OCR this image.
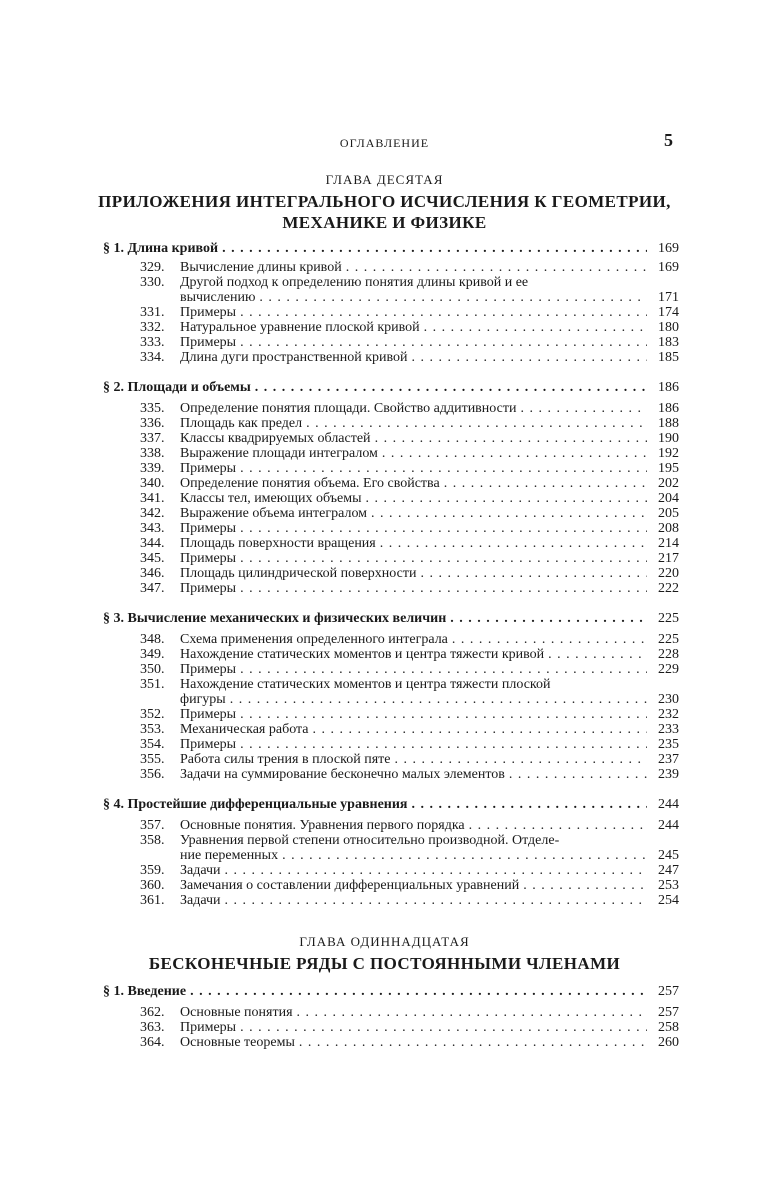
ОГЛАВЛЕНИЕ	5
ГЛАВА ДЕСЯТАЯ
ПРИЛОЖЕНИЯ ИНТЕГРАЛЬНОГО ИСЧИСЛЕНИЯ К ГЕОМЕТРИИ,
МЕХАНИКЕ И ФИЗИКЕ
§ 1. Длина кривой . . .	169
329. Вычисление длины кривой . . .	169
330.	Другой подход к определению понятия длины кривой и ее
вычислению . . .	171
331. Примеры . . .	174
332. Натуральное уравнение плоской кривой . . .	180
333. Примеры . . .	183
334. Длина дуги пространственной кривой . . .	185
§ 2. Площади и объемы . . .	186
335. Определение понятия площади. Свойство аддитивности . . .	186
336. Площадь как предел . . .	188
337. Классы квадрируемых областей . . .	190
338. Выражение площади интегралом . . .	192
339. Примеры . . .	195
340. Определение понятия объема. Его свойства . . .	202
341. Классы тел, имеющих объемы . . .	204
342. Выражение объема интегралом . . .	205
343. Примеры . . .	208
344. Площадь поверхности вращения . . .	214
345. Примеры . . .	217
346. Площадь цилиндрической поверхности . . .	220
347. Примеры . . .	222
§ 3. Вычисление механических и физических величин . . .	225
348. Схема применения определенного интеграла . . .	225
349. Нахождение статических моментов и центра тяжести кривой . . .	228
350. Примеры . . .	229
351. Нахождение статических моментов и центра тяжести плоской
фигуры . . .	230
352. Примеры . . .	232
353. Механическая работа . . .	233
354. Примеры . . .	235
355. Работа силы трения в плоской пяте . . .	237
356. Задачи на суммирование бесконечно малых элементов . . .	239
§ 4. Простейшие дифференциальные уравнения . . .	244
357. Основные понятия. Уравнения первого порядка . . .	244
358. Уравнения первой степени относительно производной. Отделе-
ние переменных . . .	245
359. Задачи . . .	247
360. Замечания о составлении дифференциальных уравнений . . .	253
361. Задачи . . .	254
ГЛАВА ОДИННАДЦАТАЯ
БЕСКОНЕЧНЫЕ РЯДЫ С ПОСТОЯННЫМИ ЧЛЕНАМИ
§ 1. Введение . . .	257
362. Основные понятия . . .	257
363. Примеры . . .	258
364. Основные теоремы . . .	260
